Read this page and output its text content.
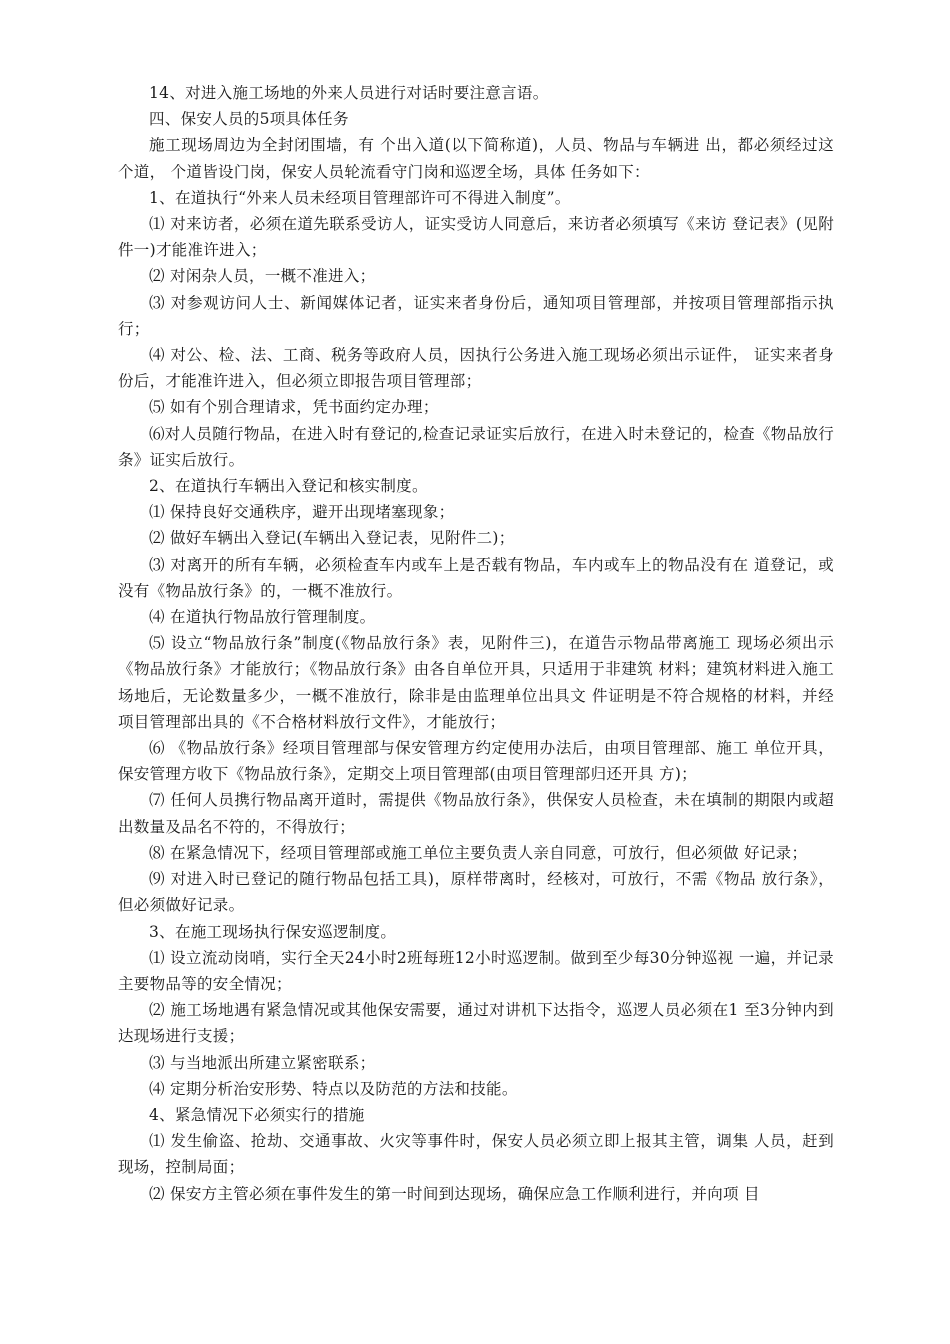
14、对进入施工场地的外来人员进行对话时要注意言语。

四、保安人员的5项具体任务

施工现场周边为全封闭围墙，有 个出入道(以下简称道)，人员、物品与车辆进 出，都必须经过这 个道， 个道皆设门岗，保安人员轮流看守门岗和巡逻全场，具体 任务如下：

1、在道执行“外来人员未经项目管理部许可不得进入制度”。

⑴ 对来访者，必须在道先联系受访人，证实受访人同意后，来访者必须填写《来访 登记表》(见附件一)才能准许进入；

⑵ 对闲杂人员，一概不准进入；

⑶ 对参观访问人士、新闻媒体记者，证实来者身份后，通知项目管理部，并按项目管理部指示执行；

⑷ 对公、检、法、工商、税务等政府人员，因执行公务进入施工现场必须出示证件， 证实来者身份后，才能准许进入，但必须立即报告项目管理部；

⑸ 如有个别合理请求，凭书面约定办理；

⑹对人员随行物品，在进入时有登记的,检查记录证实后放行，在进入时未登记的，检查《物品放行条》证实后放行。

2、在道执行车辆出入登记和核实制度。

⑴ 保持良好交通秩序，避开出现堵塞现象；

⑵ 做好车辆出入登记(车辆出入登记表，见附件二)；

⑶ 对离开的所有车辆，必须检查车内或车上是否载有物品，车内或车上的物品没有在 道登记，或没有《物品放行条》的，一概不准放行。

⑷ 在道执行物品放行管理制度。

⑸ 设立“物品放行条”制度(《物品放行条》表，见附件三)，在道告示物品带离施工 现场必须出示《物品放行条》才能放行；《物品放行条》由各自单位开具，只适用于非建筑 材料；建筑材料进入施工场地后，无论数量多少，一概不准放行，除非是由监理单位出具文 件证明是不符合规格的材料，并经项目管理部出具的《不合格材料放行文件》，才能放行；

⑹ 《物品放行条》经项目管理部与保安管理方约定使用办法后，由项目管理部、施工 单位开具，保安管理方收下《物品放行条》，定期交上项目管理部(由项目管理部归还开具 方)；

⑺ 任何人员携行物品离开道时，需提供《物品放行条》，供保安人员检查，未在填制的期限内或超出数量及品名不符的，不得放行；

⑻ 在紧急情况下，经项目管理部或施工单位主要负责人亲自同意，可放行，但必须做 好记录；

⑼ 对进入时已登记的随行物品包括工具)，原样带离时，经核对，可放行，不需《物品 放行条》，但必须做好记录。

3、在施工现场执行保安巡逻制度。

⑴ 设立流动岗哨，实行全天24小时2班每班12小时巡逻制。做到至少每30分钟巡视 一遍，并记录主要物品等的安全情况；

⑵ 施工场地遇有紧急情况或其他保安需要，通过对讲机下达指令，巡逻人员必须在1 至3分钟内到达现场进行支援；

⑶ 与当地派出所建立紧密联系；

⑷ 定期分析治安形势、特点以及防范的方法和技能。

4、紧急情况下必须实行的措施

⑴ 发生偷盗、抢劫、交通事故、火灾等事件时，保安人员必须立即上报其主管，调集 人员，赶到现场，控制局面；

⑵ 保安方主管必须在事件发生的第一时间到达现场，确保应急工作顺利进行，并向项 目
